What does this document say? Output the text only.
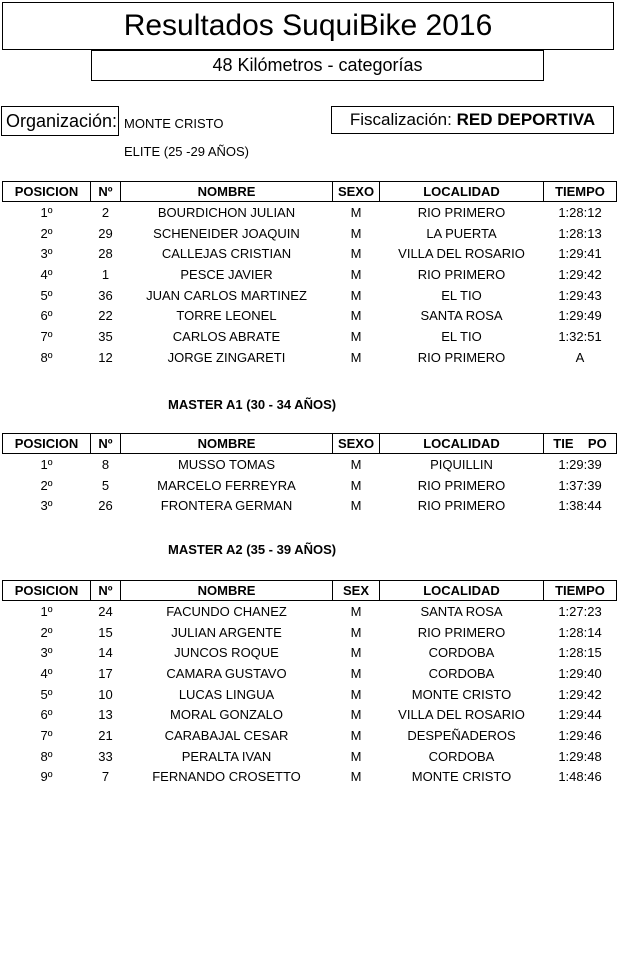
Resultados SuquiBike 2016
48 Kilómetros - categorías
Organización: MONTE CRISTO	Fiscalización: RED DEPORTIVA
ELITE (25 -29 AÑOS)
POSICION	Nº	NOMBRE	SEXO	LOCALIDAD	TIEMPO
1º	2	BOURDICHON JULIAN	M	RIO PRIMERO	1:28:12
2º	29	SCHENEIDER JOAQUIN	M	LA PUERTA	1:28:13
3º	28	CALLEJAS CRISTIAN	M	VILLA DEL ROSARIO	1:29:41
4º	1	PESCE JAVIER	M	RIO PRIMERO	1:29:42
5º	36	JUAN CARLOS MARTINEZ	M	EL TIO	1:29:43
6º	22	TORRE LEONEL	M	SANTA ROSA	1:29:49
7º	35	CARLOS ABRATE	M	EL TIO	1:32:51
8º	12	JORGE ZINGARETI	M	RIO PRIMERO	A
MASTER A1 (30 - 34 AÑOS)
POSICION	Nº	NOMBRE	SEXO	LOCALIDAD	TIE    PO
1º	8	MUSSO TOMAS	M	PIQUILLIN	1:29:39
2º	5	MARCELO FERREYRA	M	RIO PRIMERO	1:37:39
3º	26	FRONTERA GERMAN	M	RIO PRIMERO	1:38:44
MASTER A2 (35 - 39 AÑOS)
POSICION	Nº	NOMBRE	SEX	LOCALIDAD	TIEMPO
1º	24	FACUNDO CHANEZ	M	SANTA ROSA	1:27:23
2º	15	JULIAN ARGENTE	M	RIO PRIMERO	1:28:14
3º	14	JUNCOS ROQUE	M	CORDOBA	1:28:15
4º	17	CAMARA GUSTAVO	M	CORDOBA	1:29:40
5º	10	LUCAS LINGUA	M	MONTE CRISTO	1:29:42
6º	13	MORAL GONZALO	M	VILLA DEL ROSARIO	1:29:44
7º	21	CARABAJAL CESAR	M	DESPEÑADEROS	1:29:46
8º	33	PERALTA IVAN	M	CORDOBA	1:29:48
9º	7	FERNANDO CROSETTO	M	MONTE CRISTO	1:48:46
